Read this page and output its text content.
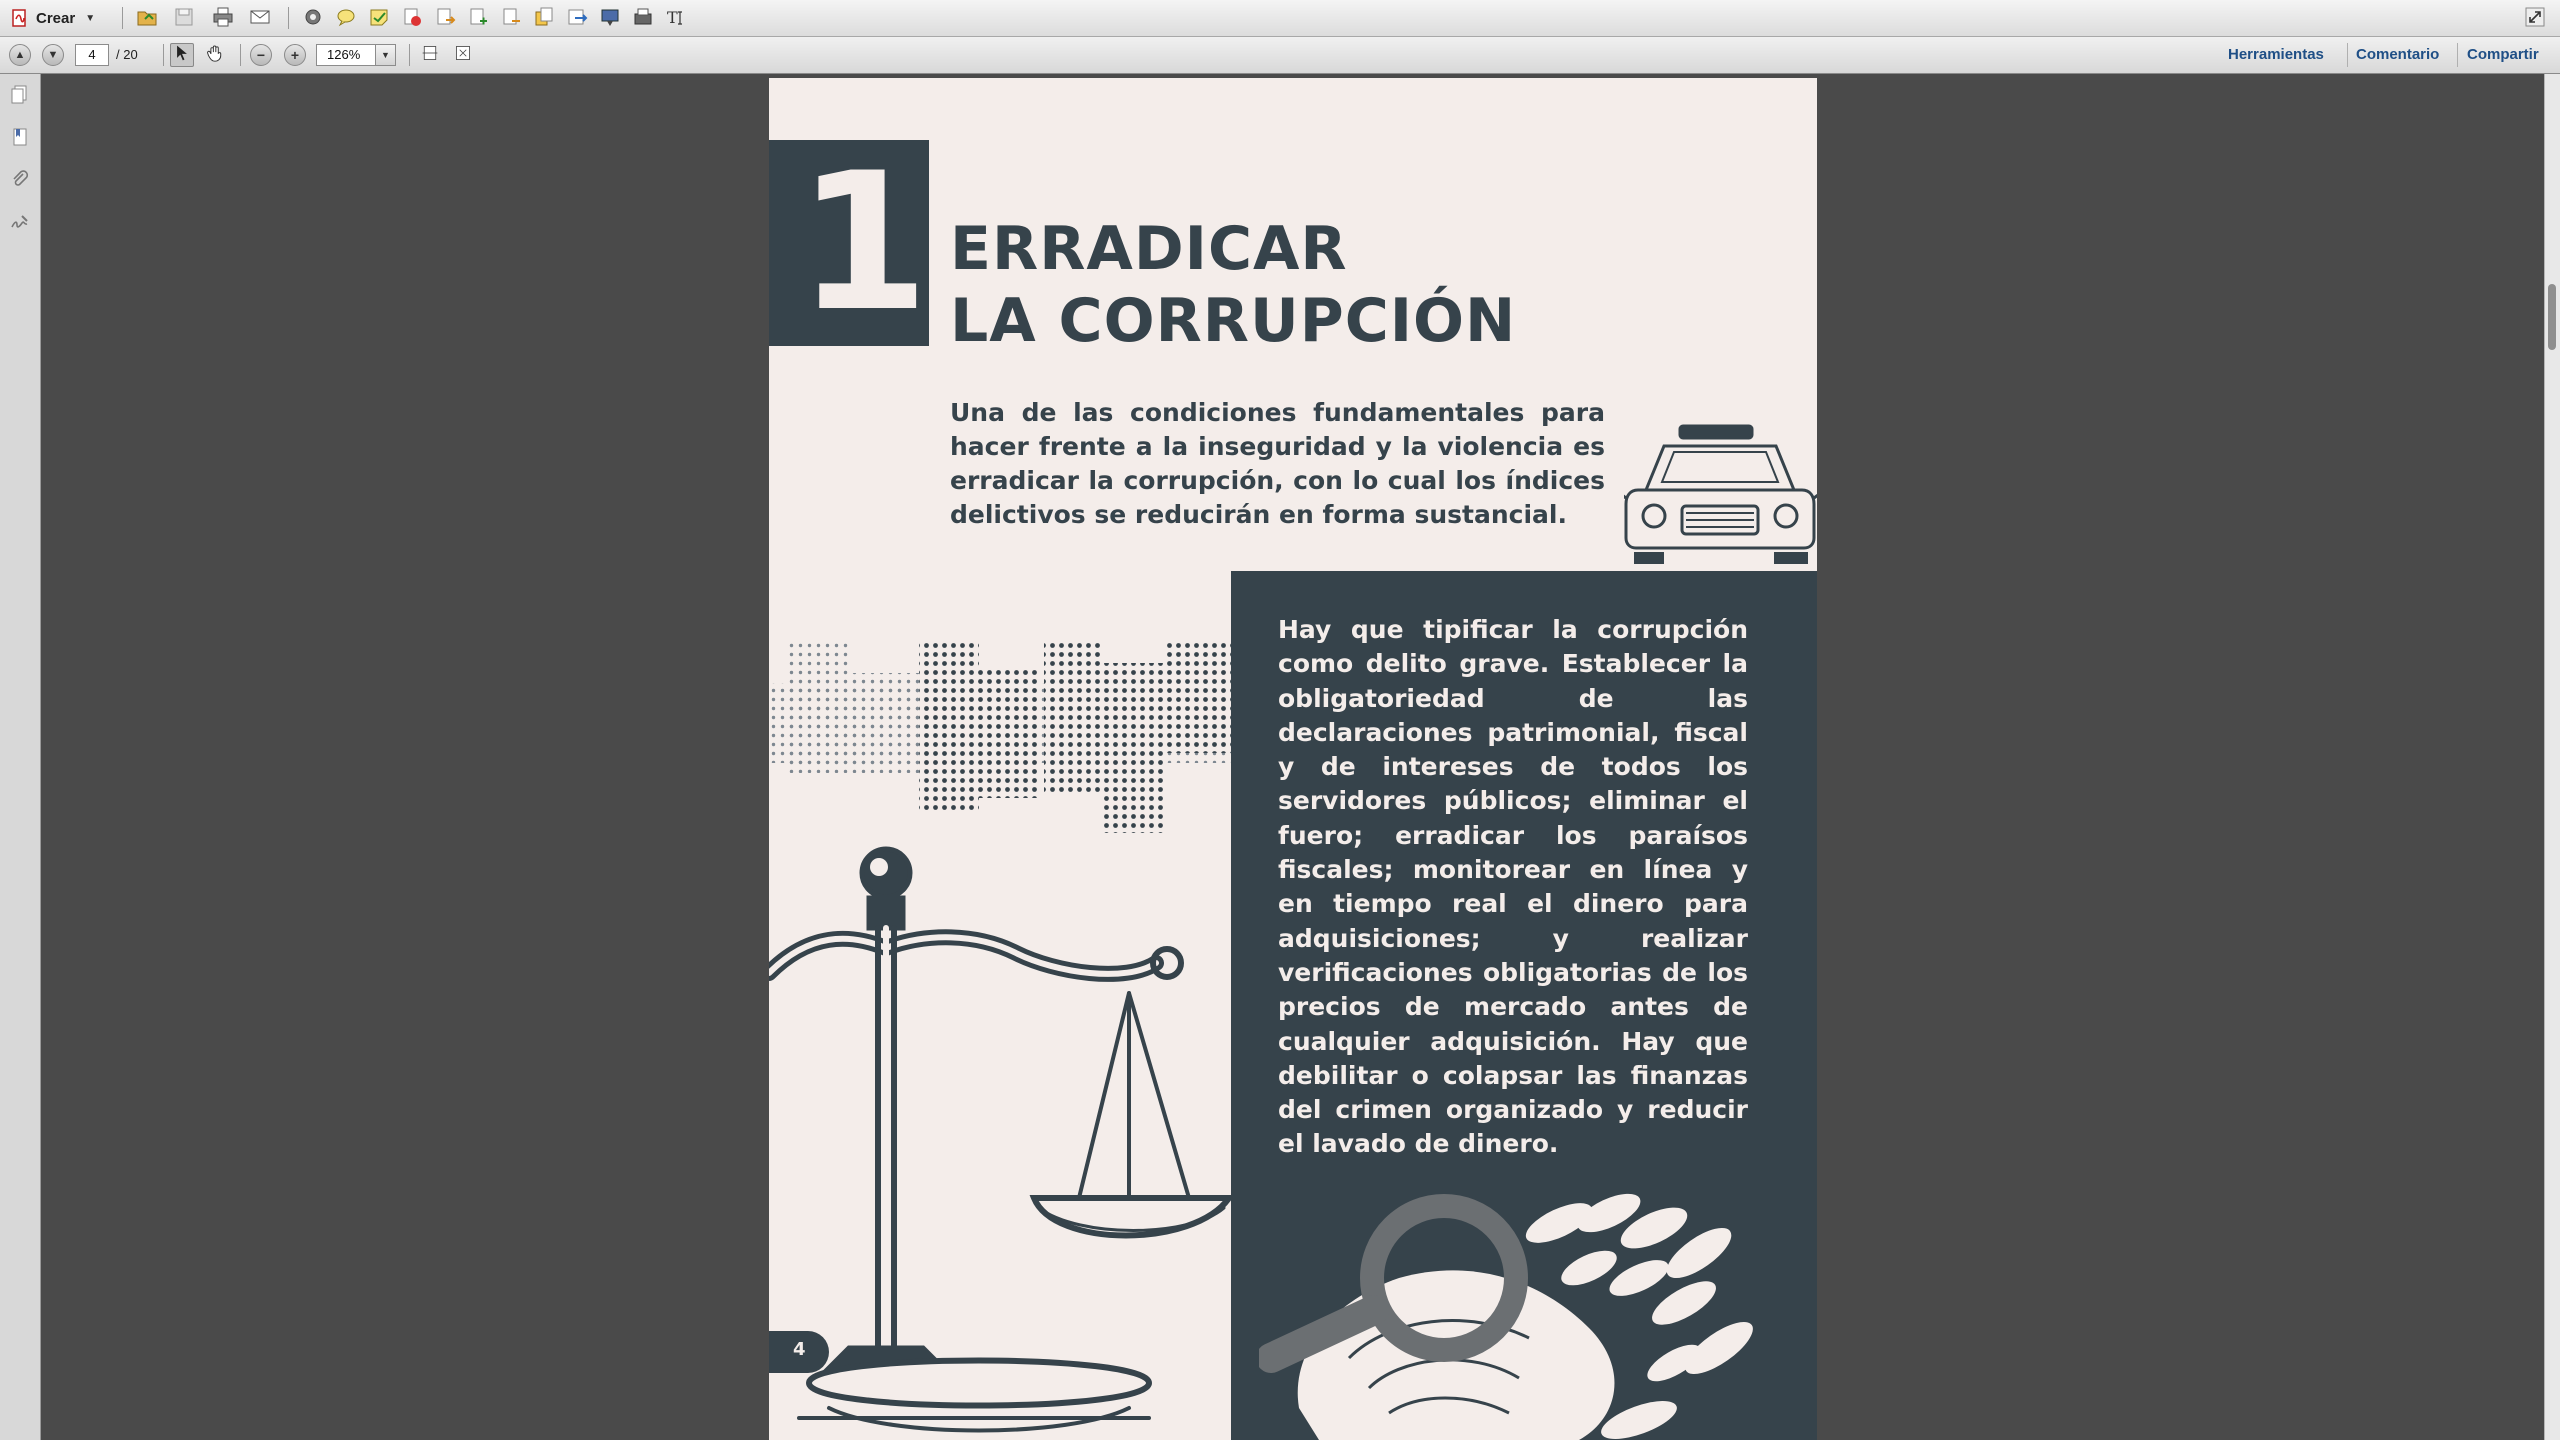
Crear ▼	T
▲ ▼	4	/ 20	− +	126%	▼	Herramientas Comentario Compartir
1 ERRADICAR
LA CORRUPCIÓN

Una de las condiciones fundamentales para hacer frente a la inseguridad y la violencia es erradicar la corrupción, con lo cual los índices delictivos se reducirán en forma sustancial.

Hay que tipificar la corrupción como delito grave. Establecer la obligatoriedad de las declaraciones patrimonial, fiscal y de intereses de todos los servidores públicos; eliminar el fuero; erradicar los paraísos fiscales; monitorear en línea y en tiempo real el dinero para adquisiciones; y realizar verificaciones obligatorias de los precios de mercado antes de cualquier adquisición. Hay que debilitar o colapsar las finanzas del crimen organizado y reducir el lavado de dinero.

4
